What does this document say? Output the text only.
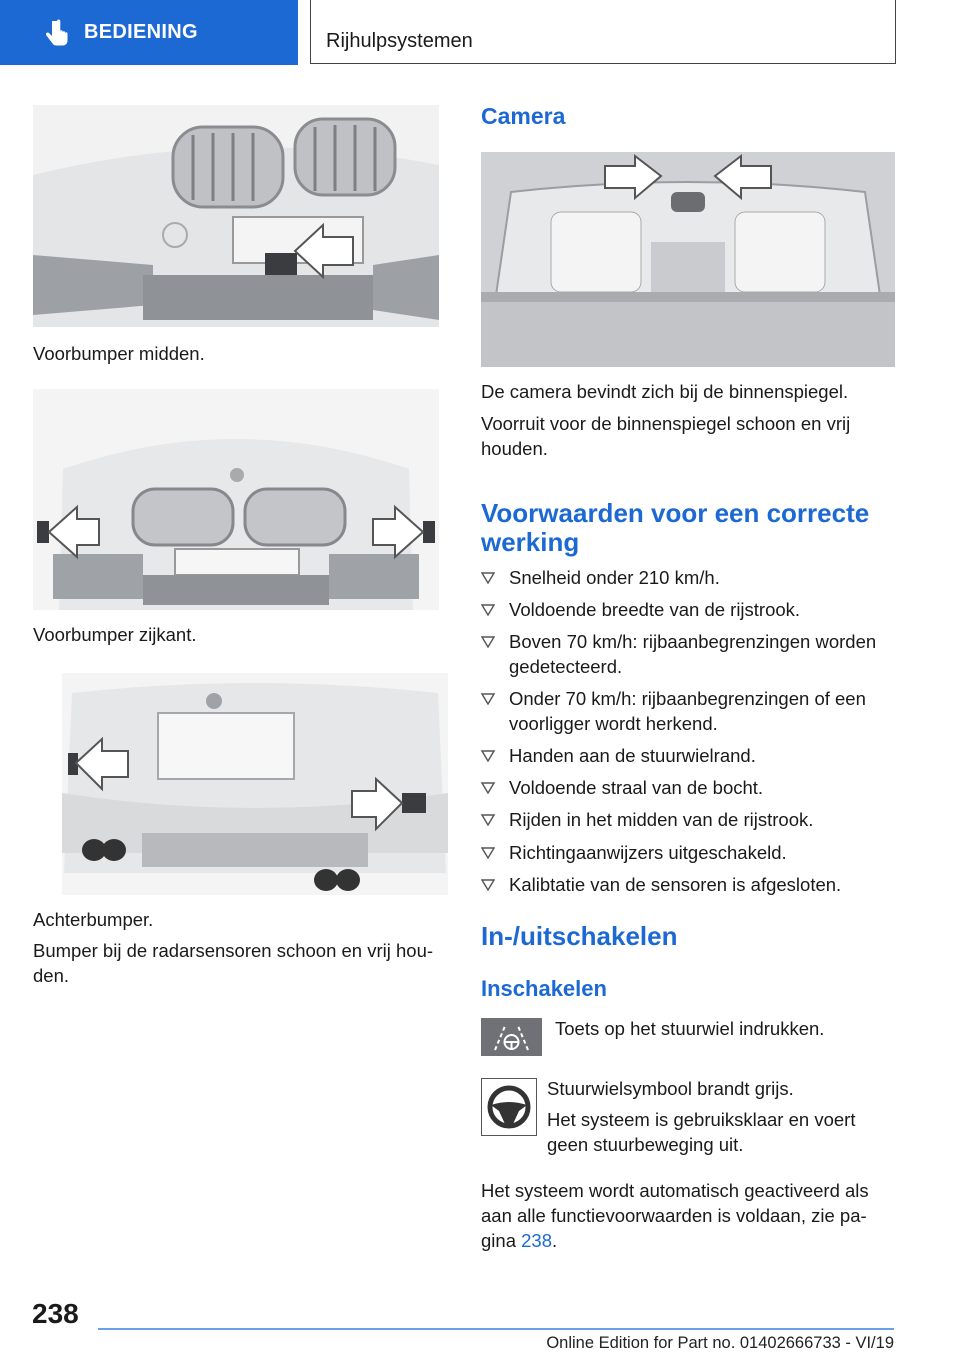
BEDIENING	Rijhulpsystemen
Voorbumper midden.
Voorbumper zijkant.
Achterbumper.
Bumper bij de radarsensoren schoon en vrij hou-den.
Camera
De camera bevindt zich bij de binnenspiegel.
Voorruit voor de binnenspiegel schoon en vrij houden.
Voorwaarden voor een correcte werking
Snelheid onder 210 km/h.
Voldoende breedte van de rijstrook.
Boven 70 km/h: rijbaanbegrenzingen worden gedetecteerd.
Onder 70 km/h: rijbaanbegrenzingen of een voorligger wordt herkend.
Handen aan de stuurwielrand.
Voldoende straal van de bocht.
Rijden in het midden van de rijstrook.
Richtingaanwijzers uitgeschakeld.
Kalibtatie van de sensoren is afgesloten.
In-/uitschakelen
Inschakelen
Toets op het stuurwiel indrukken.
Stuurwielsymbool brandt grijs.
Het systeem is gebruiksklaar en voert geen stuurbeweging uit.
Het systeem wordt automatisch geactiveerd als aan alle functievoorwaarden is voldaan, zie pa-gina 238.
238
Online Edition for Part no. 01402666733 - VI/19
